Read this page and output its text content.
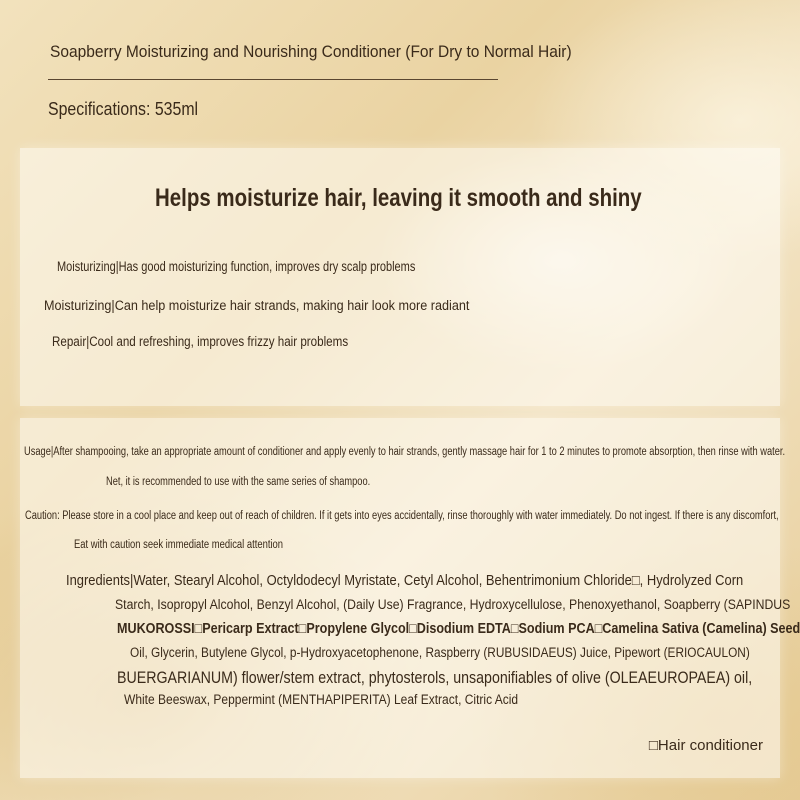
Soapberry Moisturizing and Nourishing Conditioner (For Dry to Normal Hair)
Specifications: 535ml
Helps moisturize hair, leaving it smooth and shiny
Moisturizing|Has good moisturizing function, improves dry scalp problems
Moisturizing|Can help moisturize hair strands, making hair look more radiant
Repair|Cool and refreshing, improves frizzy hair problems
Usage|After shampooing, take an appropriate amount of conditioner and apply evenly to hair strands, gently massage hair for 1 to 2 minutes to promote absorption, then rinse with water.
Net, it is recommended to use with the same series of shampoo.
Caution: Please store in a cool place and keep out of reach of children. If it gets into eyes accidentally, rinse thoroughly with water immediately. Do not ingest. If there is any discomfort,
Eat with caution seek immediate medical attention
Ingredients|Water, Stearyl Alcohol, Octyldodecyl Myristate, Cetyl Alcohol, Behentrimonium Chloride□, Hydrolyzed Corn
Starch, Isopropyl Alcohol, Benzyl Alcohol, (Daily Use) Fragrance, Hydroxycellulose, Phenoxyethanol, Soapberry (SAPINDUS
MUKOROSSI□Pericarp Extract□Propylene Glycol□Disodium EDTA□Sodium PCA□Camelina Sativa (Camelina) Seed
Oil, Glycerin, Butylene Glycol, p-Hydroxyacetophenone, Raspberry (RUBUSIDAEUS) Juice, Pipewort (ERIOCAULON)
BUERGARIANUM) flower/stem extract, phytosterols, unsaponifiables of olive (OLEAEUROPAEA) oil,
White Beeswax, Peppermint (MENTHAPIPERITA) Leaf Extract, Citric Acid
□Hair conditioner
